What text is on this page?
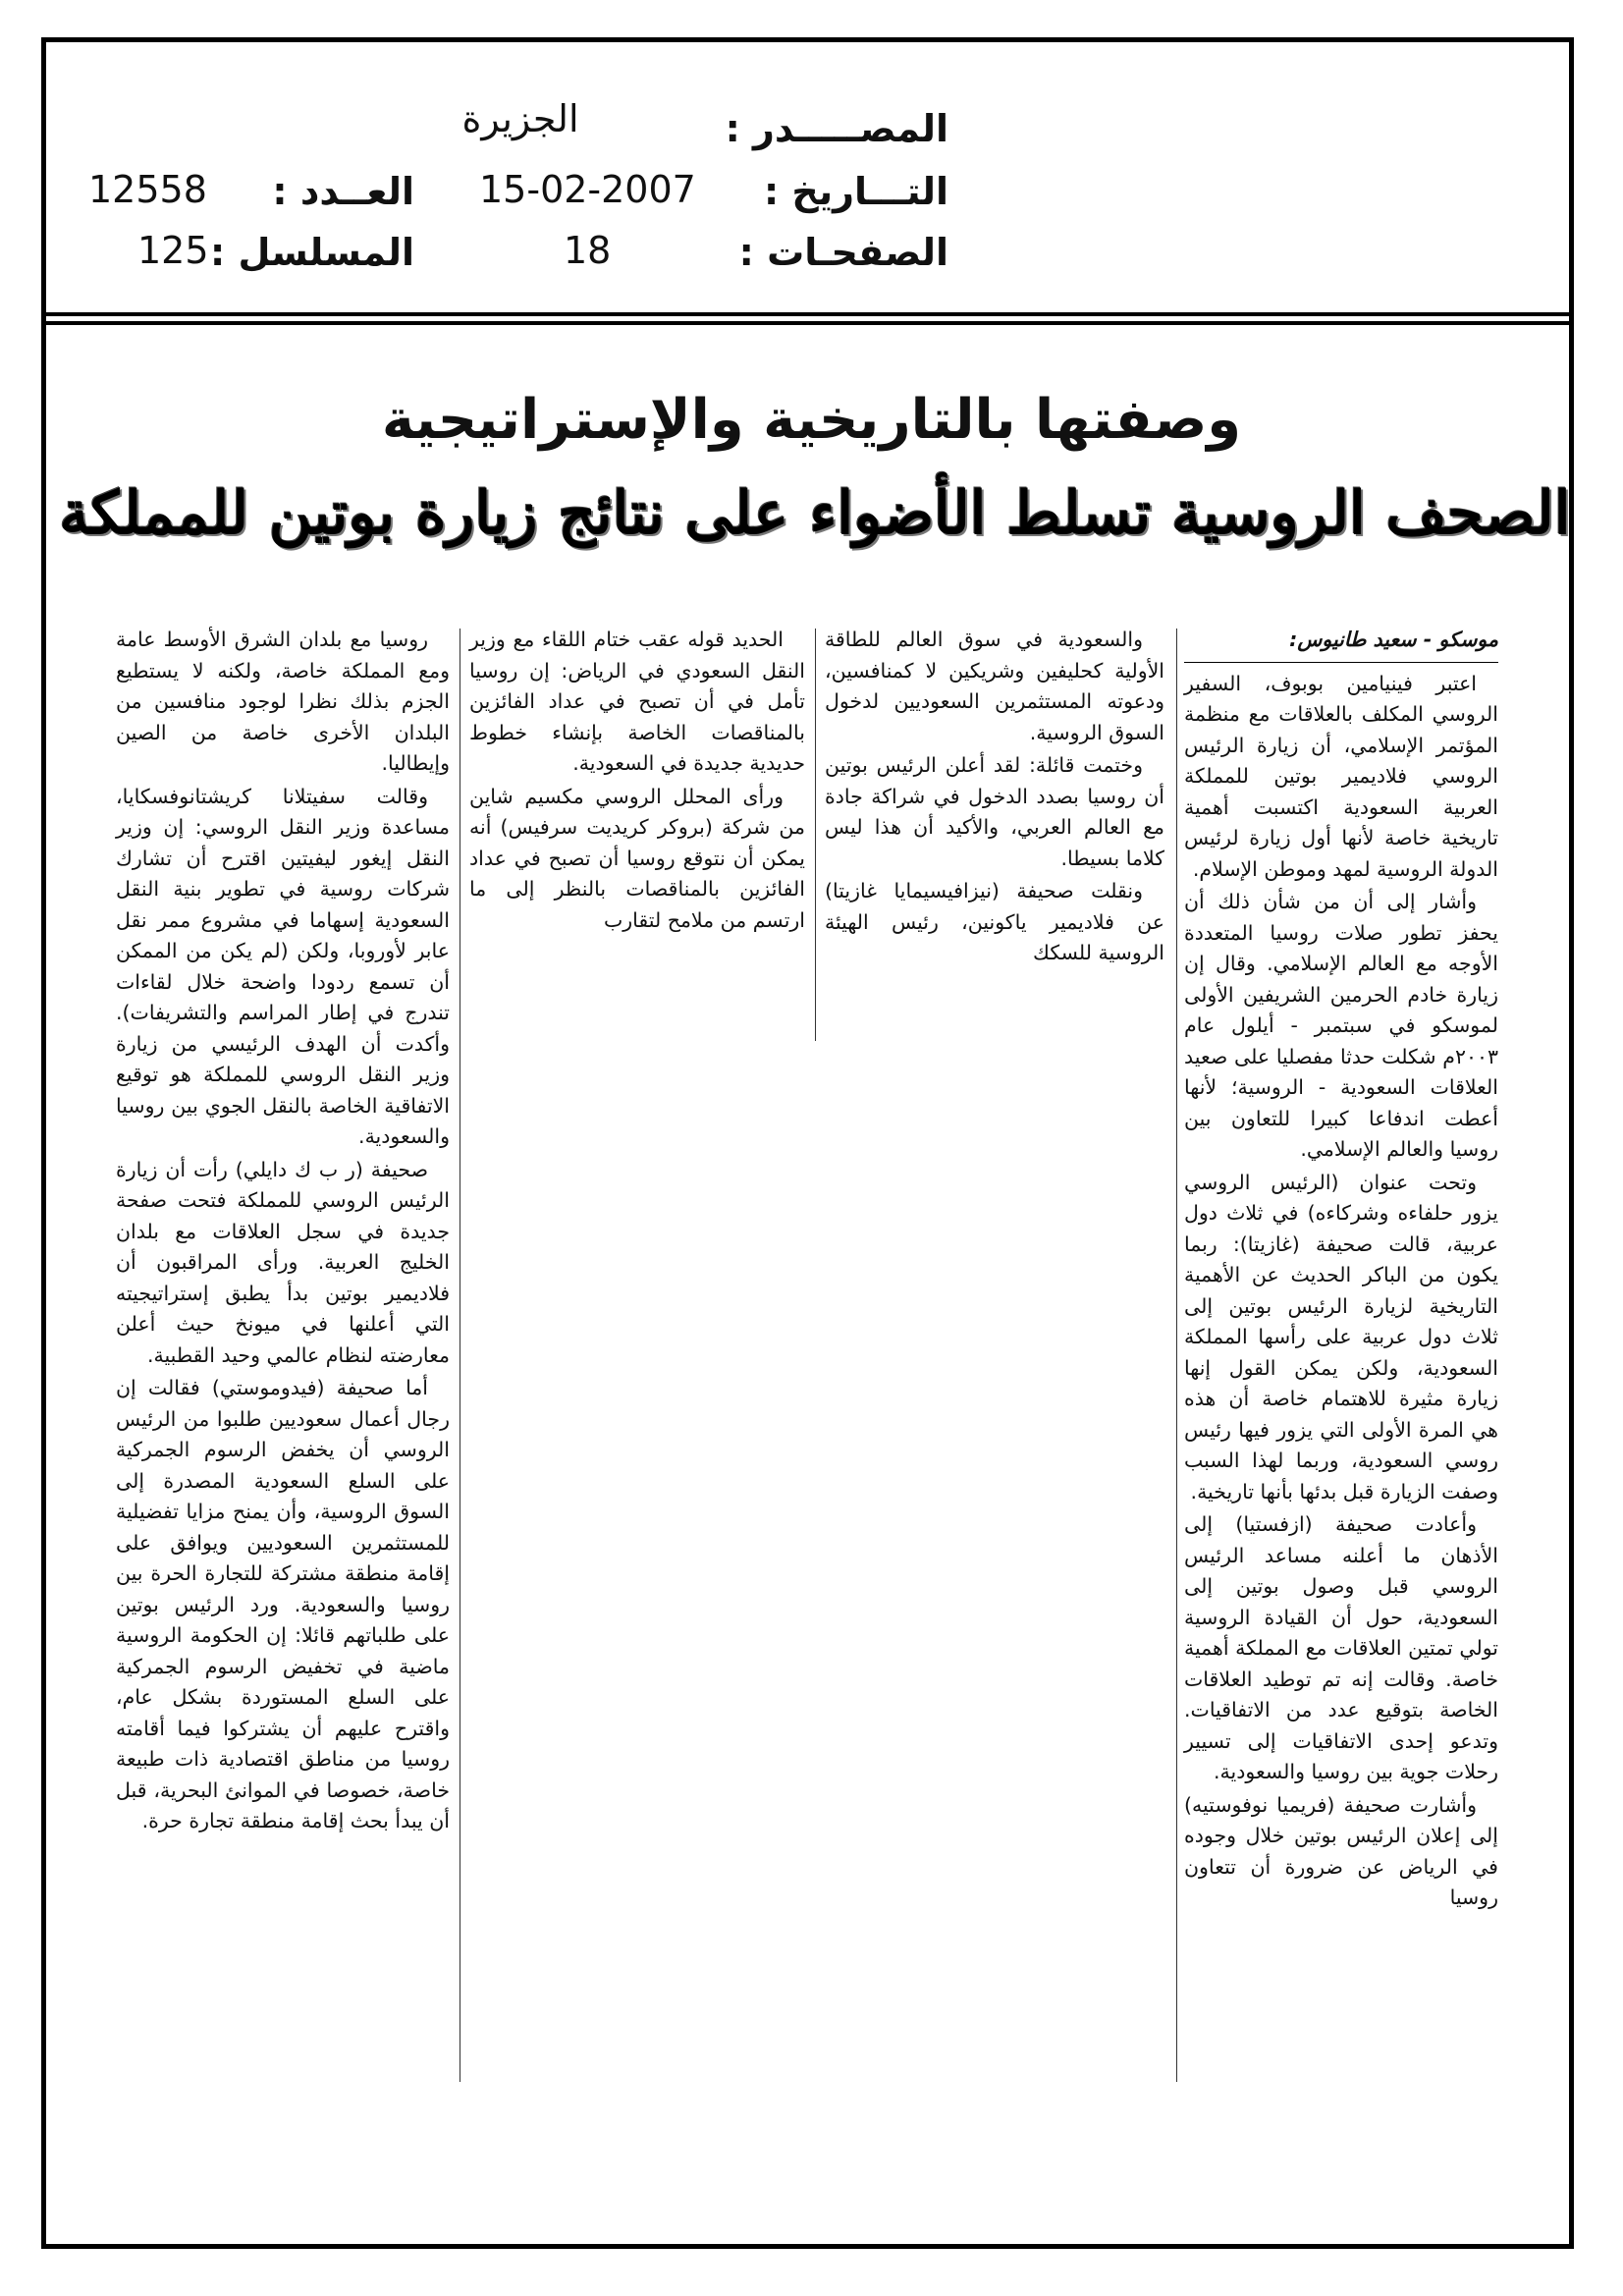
المصـــــدر :
الجزيرة
التـــاريخ :
15-02-2007
الصفحـات :
18
العــدد :
12558
المسلسل :
125
وصفتها بالتاريخية والإستراتيجية
الصحف الروسية تسلط الأضواء على نتائج زيارة بوتين للمملكة

موسكو - سعيد طانيوس:

اعتبر فينيامين بوبوف، السفير الروسي المكلف بالعلاقات مع منظمة المؤتمر الإسلامي، أن زيارة الرئيس الروسي فلاديمير بوتين للمملكة العربية السعودية اكتسبت أهمية تاريخية خاصة لأنها أول زيارة لرئيس الدولة الروسية لمهد وموطن الإسلام.

وأشار إلى أن من شأن ذلك أن يحفز تطور صلات روسيا المتعددة الأوجه مع العالم الإسلامي. وقال إن زيارة خادم الحرمين الشريفين الأولى لموسكو في سبتمبر - أيلول عام ٢٠٠٣م شكلت حدثا مفصليا على صعيد العلاقات السعودية - الروسية؛ لأنها أعطت اندفاعا كبيرا للتعاون بين روسيا والعالم الإسلامي.

وتحت عنوان (الرئيس الروسي يزور حلفاءه وشركاءه) في ثلاث دول عربية، قالت صحيفة (غازيتا): ربما يكون من الباكر الحديث عن الأهمية التاريخية لزيارة الرئيس بوتين إلى ثلاث دول عربية على رأسها المملكة السعودية، ولكن يمكن القول إنها زيارة مثيرة للاهتمام خاصة أن هذه هي المرة الأولى التي يزور فيها رئيس روسي السعودية، وربما لهذا السبب وصفت الزيارة قبل بدئها بأنها تاريخية.

وأعادت صحيفة (ازفستيا) إلى الأذهان ما أعلنه مساعد الرئيس الروسي قبل وصول بوتين إلى السعودية، حول أن القيادة الروسية تولي تمتين العلاقات مع المملكة أهمية خاصة. وقالت إنه تم توطيد العلاقات الخاصة بتوقيع عدد من الاتفاقيات. وتدعو إحدى الاتفاقيات إلى تسيير رحلات جوية بين روسيا والسعودية.

وأشارت صحيفة (فريميا نوفوستيه) إلى إعلان الرئيس بوتين خلال وجوده في الرياض عن ضرورة أن تتعاون روسيا

والسعودية في سوق العالم للطاقة الأولية كحليفين وشريكين لا كمنافسين، ودعوته المستثمرين السعوديين لدخول السوق الروسية.

وختمت قائلة: لقد أعلن الرئيس بوتين أن روسيا بصدد الدخول في شراكة جادة مع العالم العربي، والأكيد أن هذا ليس كلاما بسيطا.

ونقلت صحيفة (نيزافيسيمايا غازيتا) عن فلاديمير ياكونين، رئيس الهيئة الروسية للسكك

الحديد قوله عقب ختام اللقاء مع وزير النقل السعودي في الرياض: إن روسيا تأمل في أن تصبح في عداد الفائزين بالمناقصات الخاصة بإنشاء خطوط حديدية جديدة في السعودية.

ورأى المحلل الروسي مكسيم شاين من شركة (بروكر كريديت سرفيس) أنه يمكن أن نتوقع روسيا أن تصبح في عداد الفائزين بالمناقصات بالنظر إلى ما ارتسم من ملامح لتقارب

روسيا مع بلدان الشرق الأوسط عامة ومع المملكة خاصة، ولكنه لا يستطيع الجزم بذلك نظرا لوجود منافسين من البلدان الأخرى خاصة من الصين وإيطاليا.

وقالت سفيتلانا كريشتانوفسكايا، مساعدة وزير النقل الروسي: إن وزير النقل إيغور ليفيتين اقترح أن تشارك شركات روسية في تطوير بنية النقل السعودية إسهاما في مشروع ممر نقل عابر لأوروبا، ولكن (لم يكن من الممكن أن تسمع ردودا واضحة خلال لقاءات تندرج في إطار المراسم والتشريفات). وأكدت أن الهدف الرئيسي من زيارة وزير النقل الروسي للمملكة هو توقيع الاتفاقية الخاصة بالنقل الجوي بين روسيا والسعودية.

صحيفة (ر ب ك دايلي) رأت أن زيارة الرئيس الروسي للمملكة فتحت صفحة جديدة في سجل العلاقات مع بلدان الخليج العربية. ورأى المراقبون أن فلاديمير بوتين بدأ يطبق إستراتيجيته التي أعلنها في ميونخ حيث أعلن معارضته لنظام عالمي وحيد القطبية.

أما صحيفة (فيدوموستي) فقالت إن رجال أعمال سعوديين طلبوا من الرئيس الروسي أن يخفض الرسوم الجمركية على السلع السعودية المصدرة إلى السوق الروسية، وأن يمنح مزايا تفضيلية للمستثمرين السعوديين ويوافق على إقامة منطقة مشتركة للتجارة الحرة بين روسيا والسعودية. ورد الرئيس بوتين على طلباتهم قائلا: إن الحكومة الروسية ماضية في تخفيض الرسوم الجمركية على السلع المستوردة بشكل عام، واقترح عليهم أن يشتركوا فيما أقامته روسيا من مناطق اقتصادية ذات طبيعة خاصة، خصوصا في الموانئ البحرية، قبل أن يبدأ بحث إقامة منطقة تجارة حرة.
